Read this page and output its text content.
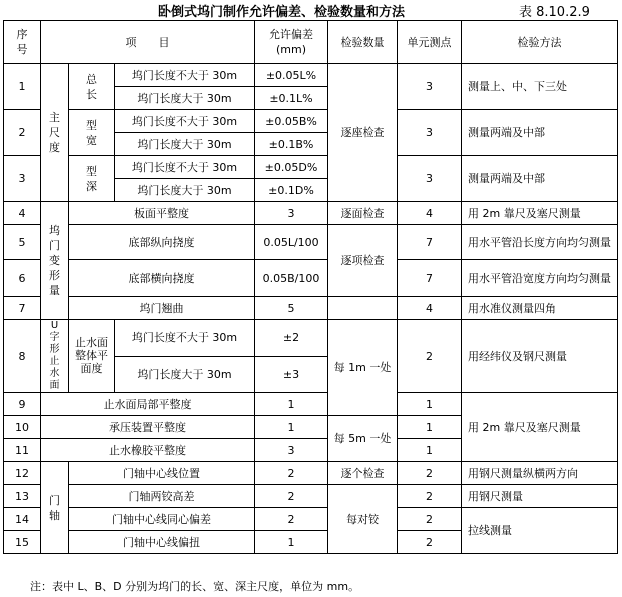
卧倒式坞门制作允许偏差、检验数量和方法	表 8.10.2.9
序号	项　　目			允许偏差(mm)	检验数量	单元测点	检验方法
1	主尺度	总长	坞门长度不大于 30m	±0.05L%	逐座检查	3	测量上、中、下三处
			坞门长度大于 30m	±0.1L%			
2		型宽	坞门长度不大于 30m	±0.05B%		3	测量两端及中部
			坞门长度大于 30m	±0.1B%			
3		型深	坞门长度不大于 30m	±0.05D%		3	测量两端及中部
			坞门长度大于 30m	±0.1D%			
4	坞门变形量	板面平整度		3	逐面检查	4	用 2m 靠尺及塞尺测量
5		底部纵向挠度		0.05L/100	逐项检查	7	用水平管沿长度方向均匀测量
6		底部横向挠度		0.05B/100		7	用水平管沿宽度方向均匀测量
7		坞门翘曲		5		4	用水准仪测量四角
8	U字形止水面	止水面整体平面度	坞门长度不大于 30m	±2	每 1m 一处	2	用经纬仪及钢尺测量
			坞门长度大于 30m	±3			
9	止水面局部平整度			1		1	用 2m 靠尺及塞尺测量
10	承压装置平整度			1	每 5m 一处	1	
11	止水橡胶平整度			3		1	
12	门轴	门轴中心线位置		2	逐个检查	2	用钢尺测量纵横两方向
13		门轴两铰高差		2	每对铰	2	用钢尺测量
14		门轴中心线同心偏差		2		2	拉线测量
15		门轴中心线偏扭		1		2	
注：表中 L、B、D 分别为坞门的长、宽、深主尺度，单位为 mm。
